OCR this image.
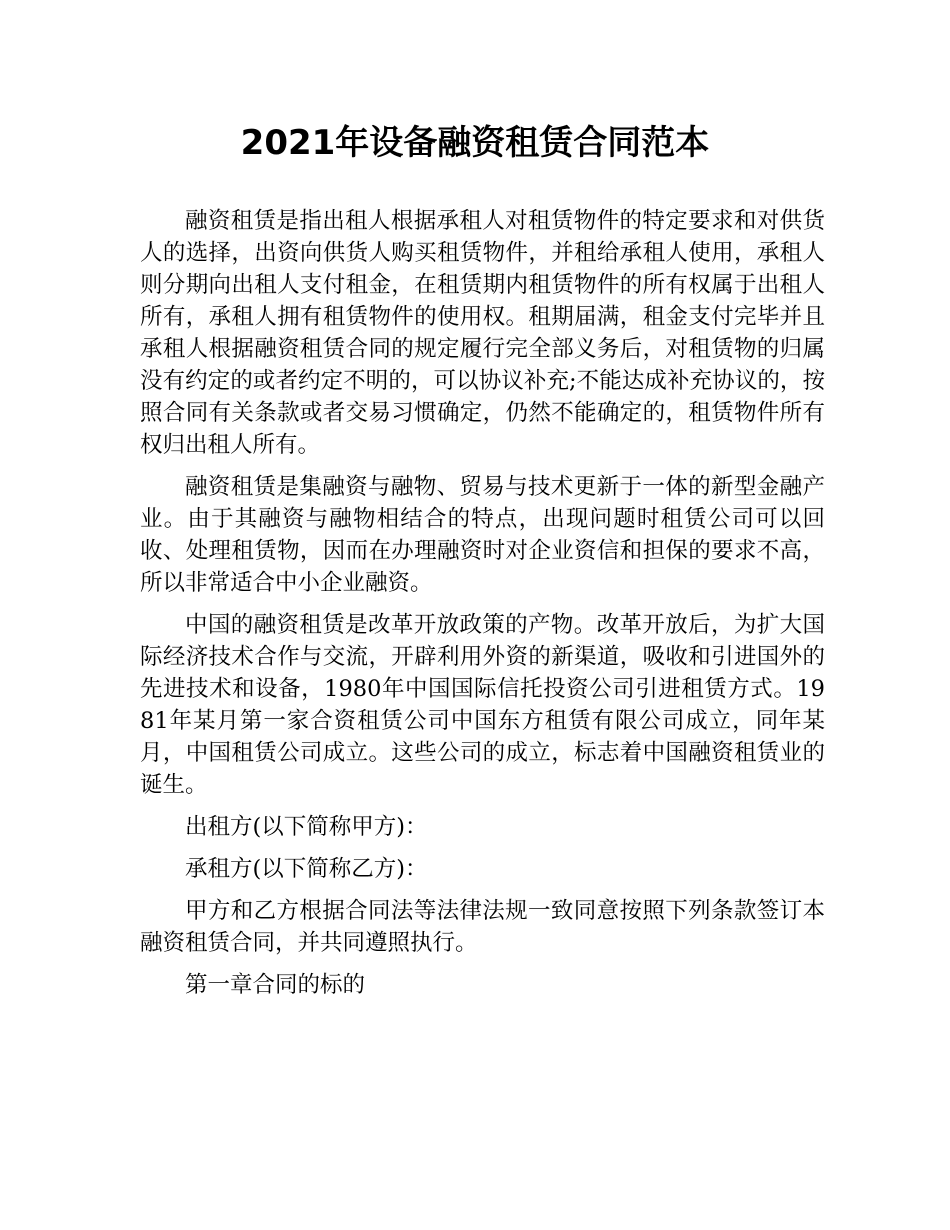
2021年设备融资租赁合同范本

融资租赁是指出租人根据承租人对租赁物件的特定要求和对供货人的选择，出资向供货人购买租赁物件，并租给承租人使用，承租人则分期向出租人支付租金，在租赁期内租赁物件的所有权属于出租人所有，承租人拥有租赁物件的使用权。租期届满，租金支付完毕并且承租人根据融资租赁合同的规定履行完全部义务后，对租赁物的归属没有约定的或者约定不明的，可以协议补充;不能达成补充协议的，按照合同有关条款或者交易习惯确定，仍然不能确定的，租赁物件所有权归出租人所有。

融资租赁是集融资与融物、贸易与技术更新于一体的新型金融产业。由于其融资与融物相结合的特点，出现问题时租赁公司可以回收、处理租赁物，因而在办理融资时对企业资信和担保的要求不高，所以非常适合中小企业融资。

中国的融资租赁是改革开放政策的产物。改革开放后，为扩大国际经济技术合作与交流，开辟利用外资的新渠道，吸收和引进国外的先进技术和设备，1980年中国国际信托投资公司引进租赁方式。1981年某月第一家合资租赁公司中国东方租赁有限公司成立，同年某月，中国租赁公司成立。这些公司的成立，标志着中国融资租赁业的诞生。

出租方(以下简称甲方)：

承租方(以下简称乙方)：

甲方和乙方根据合同法等法律法规一致同意按照下列条款签订本融资租赁合同，并共同遵照执行。

第一章合同的标的
